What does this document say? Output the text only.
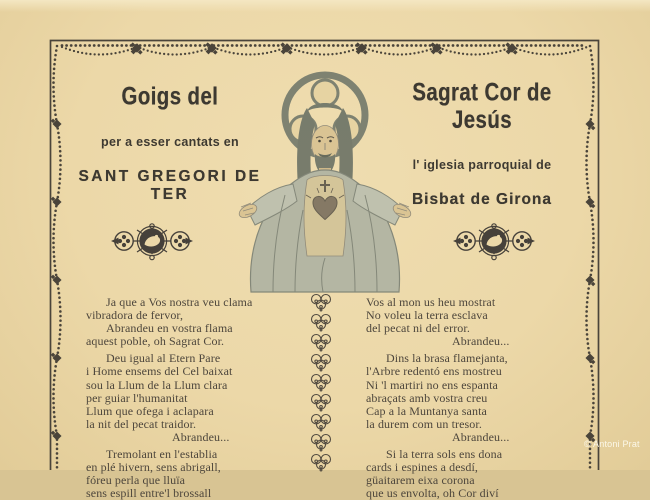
Goigs del
per a esser cantats en
SANT GREGORI DE TER
Sagrat Cor de Jesús
l' iglesia parroquial de
Bisbat de Girona
Ja que a Vos nostra veu clama
vibradora de fervor,
Abrandeu en vostra flama
aquest poble, oh Sagrat Cor.
Deu igual al Etern Pare
i Home ensems del Cel baixat
sou la Llum de la Llum clara
per guiar l'humanitat
Llum que ofega i aclapara
la nit del pecat traidor.
Abrandeu...
Tremolant en l'establia
en plé hivern, sens abrigall,
fóreu perla que lluïa
sens espill entre'l brossall
Vos al mon us heu mostrat
No voleu la terra esclava
del pecat ni del error.
Abrandeu...
Dins la brasa flamejanta,
l'Arbre redentó ens mostreu
Ni 'l martiri no ens espanta
abraçats amb vostra creu
Cap a la Muntanya santa
la durem com un tresor.
Abrandeu...
Si la terra sols ens dona
cards i espines a desdí,
güaitarem eixa corona
que us envolta, oh Cor diví
© Antoni Prat
